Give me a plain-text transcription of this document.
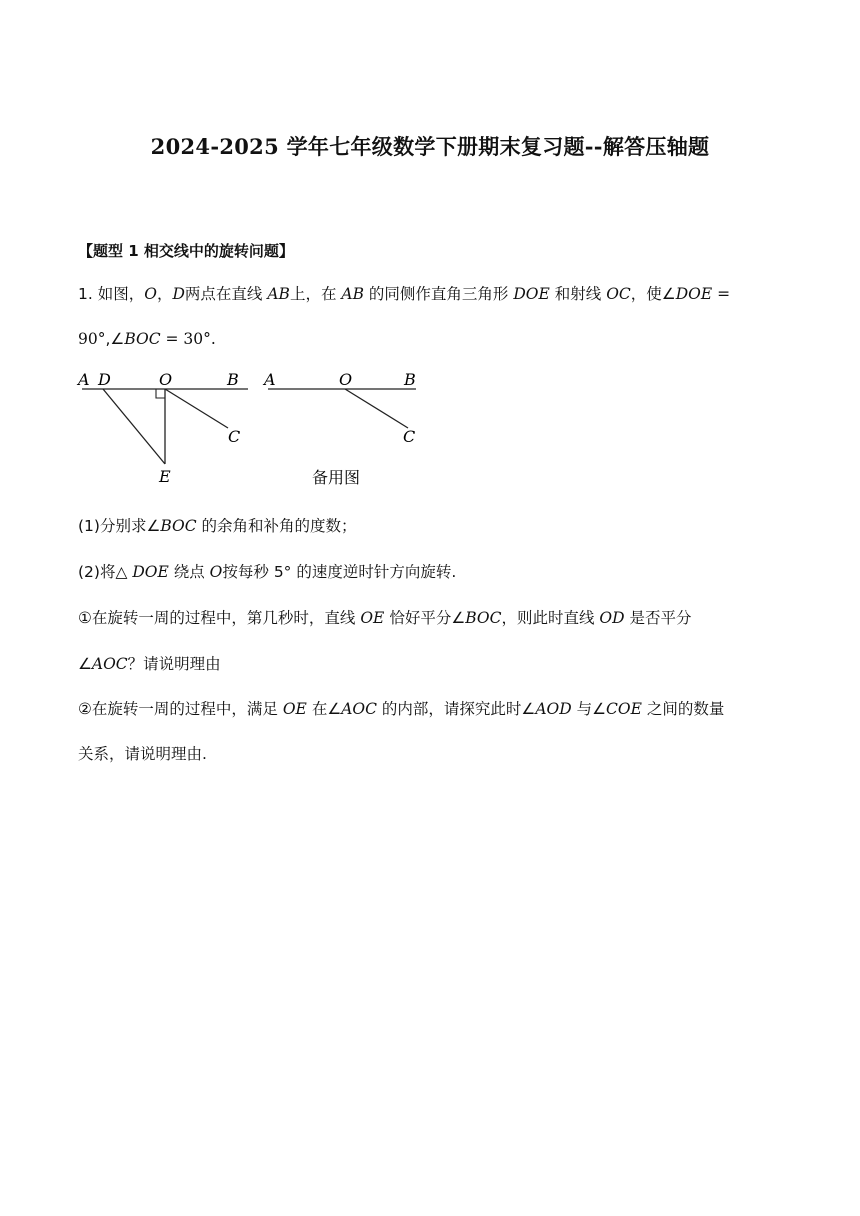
2024-2025 学年七年级数学下册期末复习题--解答压轴题
【题型 1 相交线中的旋转问题】
1. 如图，O，D两点在直线 AB上，在 AB 的同侧作直角三角形 DOE 和射线 OC，使∠DOE =
90°,∠BOC = 30°.
A D	O	B
C
E
A	O	B
C
备用图
(1)分别求∠BOC 的余角和补角的度数；
(2)将△ DOE 绕点 O按每秒 5° 的速度逆时针方向旋转.
①在旋转一周的过程中，第几秒时，直线 OE 恰好平分∠BOC，则此时直线 OD 是否平分
∠AOC？请说明理由
②在旋转一周的过程中，满足 OE 在∠AOC 的内部，请探究此时∠AOD 与∠COE 之间的数量
关系，请说明理由.
